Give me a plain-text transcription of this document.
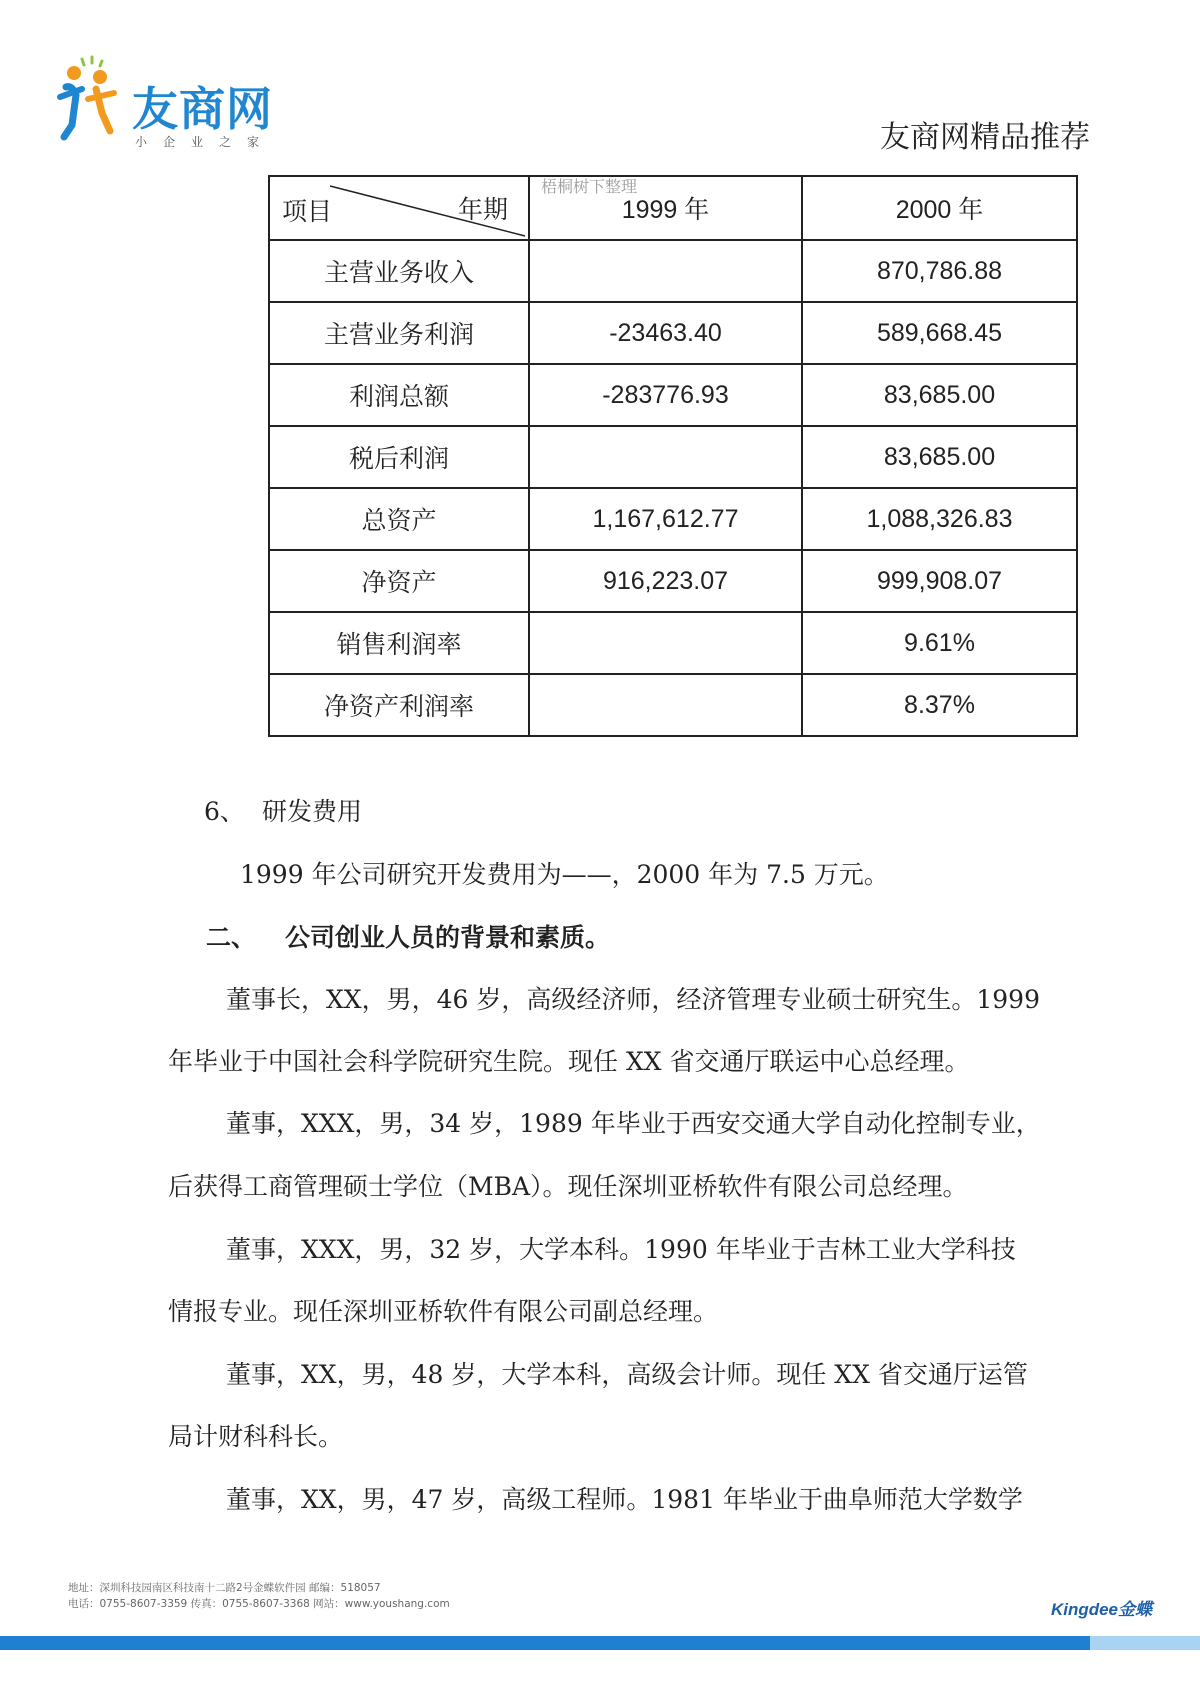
友商网
小企业之家	友商网精品推荐
项目 年期	1999 年	2000 年
主营业务收入		870,786.88
主营业务利润	-23463.40	589,668.45
利润总额	-283776.93	83,685.00
税后利润		83,685.00
总资产	1,167,612.77	1,088,326.83
净资产	916,223.07	999,908.07
销售利润率		9.61%
净资产利润率		8.37%
梧桐树下整理
6、 研发费用
1999 年公司研究开发费用为——，2000 年为 7.5 万元。
二、 公司创业人员的背景和素质。
董事长，XX，男，46 岁，高级经济师，经济管理专业硕士研究生。1999
年毕业于中国社会科学院研究生院。现任 XX 省交通厅联运中心总经理。
董事，XXX，男，34 岁，1989 年毕业于西安交通大学自动化控制专业，
后获得工商管理硕士学位（MBA）。现任深圳亚桥软件有限公司总经理。
董事，XXX，男，32 岁，大学本科。1990 年毕业于吉林工业大学科技
情报专业。现任深圳亚桥软件有限公司副总经理。
董事，XX，男，48 岁，大学本科，高级会计师。现任 XX 省交通厅运管
局计财科科长。
董事，XX，男，47 岁，高级工程师。1981 年毕业于曲阜师范大学数学
地址：深圳科技园南区科技南十二路2号金蝶软件园 邮编：518057
电话：0755-8607-3359 传真：0755-8607-3368 网站：www.youshang.com	Kingdee金蝶
